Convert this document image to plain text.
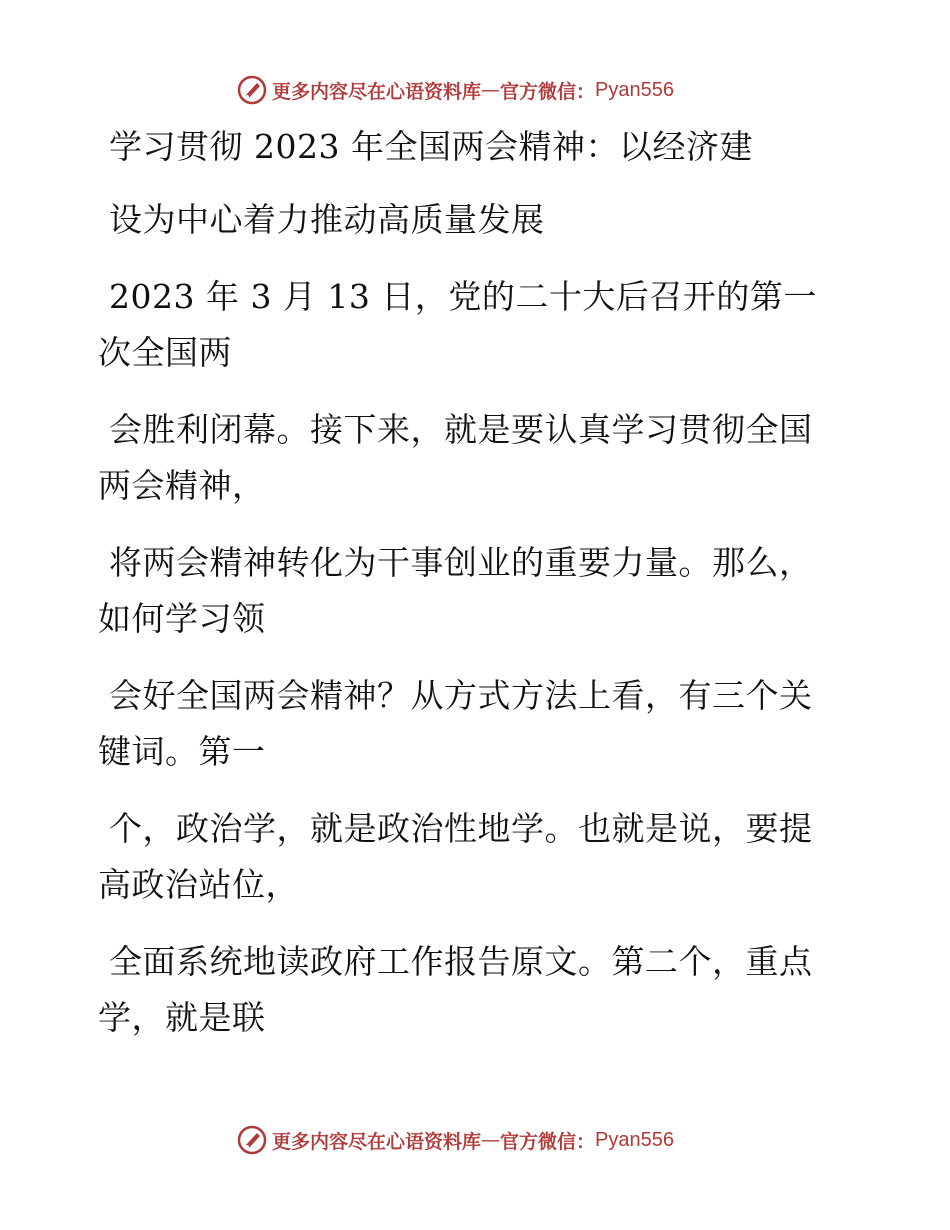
更多内容尽在心语资料库 — 官方微信： Pyan556
学习贯彻 2023 年全国两会精神：以经济建
设为中心着力推动高质量发展
2023 年 3 月 13 日，党的二十大后召开的第一
次全国两
会胜利闭幕。接下来，就是要认真学习贯彻全国
两会精神，
将两会精神转化为干事创业的重要力量。那么，
如何学习领
会好全国两会精神？从方式方法上看，有三个关
键词。第一
个，政治学，就是政治性地学。也就是说，要提
高政治站位，
全面系统地读政府工作报告原文。第二个，重点
学，就是联
更多内容尽在心语资料库 — 官方微信： Pyan556
